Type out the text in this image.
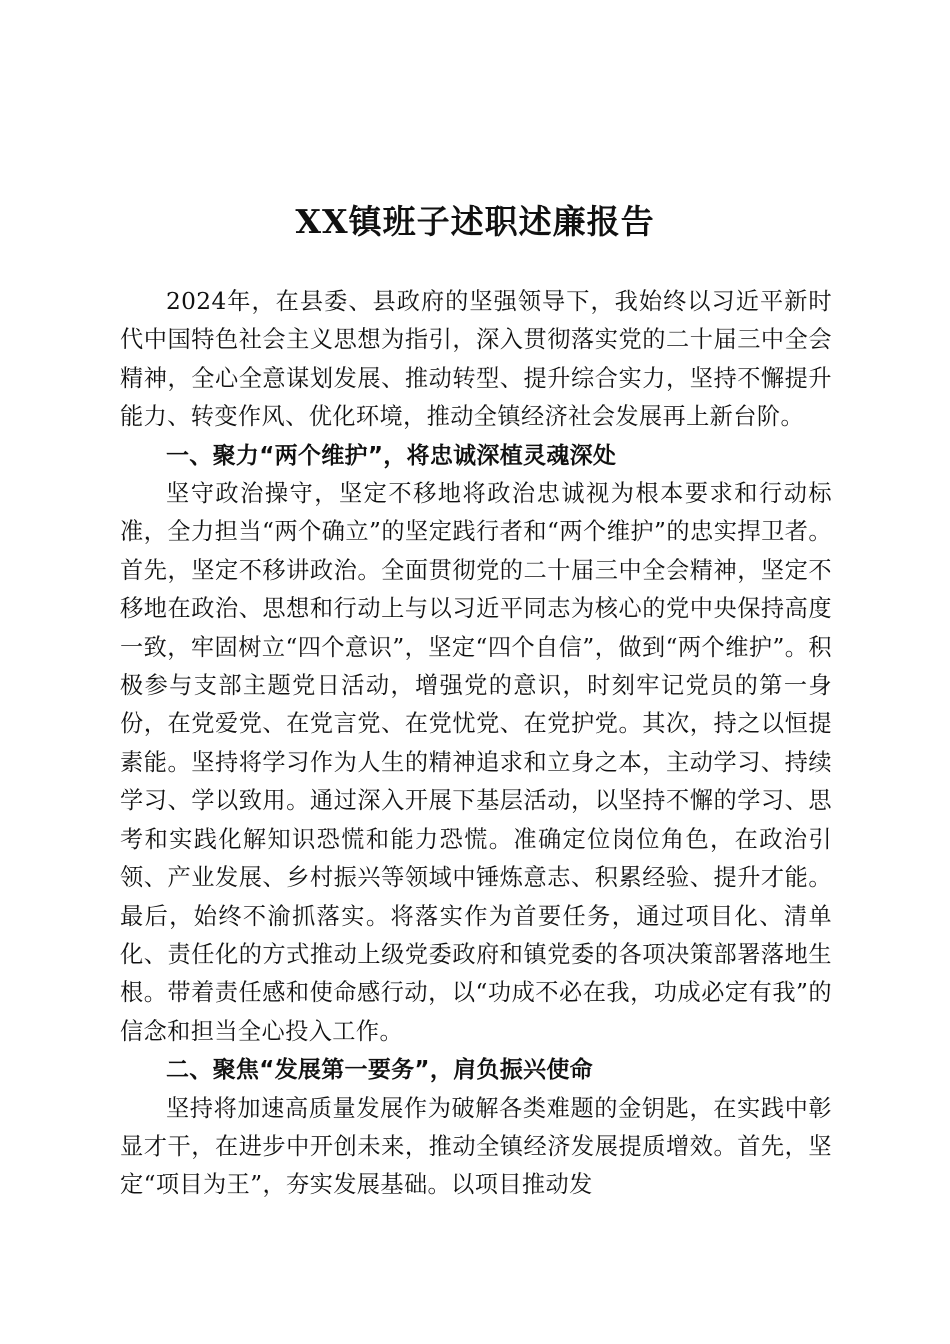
XX镇班子述职述廉报告

2024年，在县委、县政府的坚强领导下，我始终以习近平新时代中国特色社会主义思想为指引，深入贯彻落实党的二十届三中全会精神，全心全意谋划发展、推动转型、提升综合实力，坚持不懈提升能力、转变作风、优化环境，推动全镇经济社会发展再上新台阶。

一、聚力“两个维护”，将忠诚深植灵魂深处

坚守政治操守，坚定不移地将政治忠诚视为根本要求和行动标准，全力担当“两个确立”的坚定践行者和“两个维护”的忠实捍卫者。首先，坚定不移讲政治。全面贯彻党的二十届三中全会精神，坚定不移地在政治、思想和行动上与以习近平同志为核心的党中央保持高度一致，牢固树立“四个意识”，坚定“四个自信”，做到“两个维护”。积极参与支部主题党日活动，增强党的意识，时刻牢记党员的第一身份，在党爱党、在党言党、在党忧党、在党护党。其次，持之以恒提素能。坚持将学习作为人生的精神追求和立身之本，主动学习、持续学习、学以致用。通过深入开展下基层活动，以坚持不懈的学习、思考和实践化解知识恐慌和能力恐慌。准确定位岗位角色，在政治引领、产业发展、乡村振兴等领域中锤炼意志、积累经验、提升才能。最后，始终不渝抓落实。将落实作为首要任务，通过项目化、清单化、责任化的方式推动上级党委政府和镇党委的各项决策部署落地生根。带着责任感和使命感行动，以“功成不必在我，功成必定有我”的信念和担当全心投入工作。

二、聚焦“发展第一要务”，肩负振兴使命

坚持将加速高质量发展作为破解各类难题的金钥匙，在实践中彰显才干，在进步中开创未来，推动全镇经济发展提质增效。首先，坚定“项目为王”，夯实发展基础。以项目推动发
